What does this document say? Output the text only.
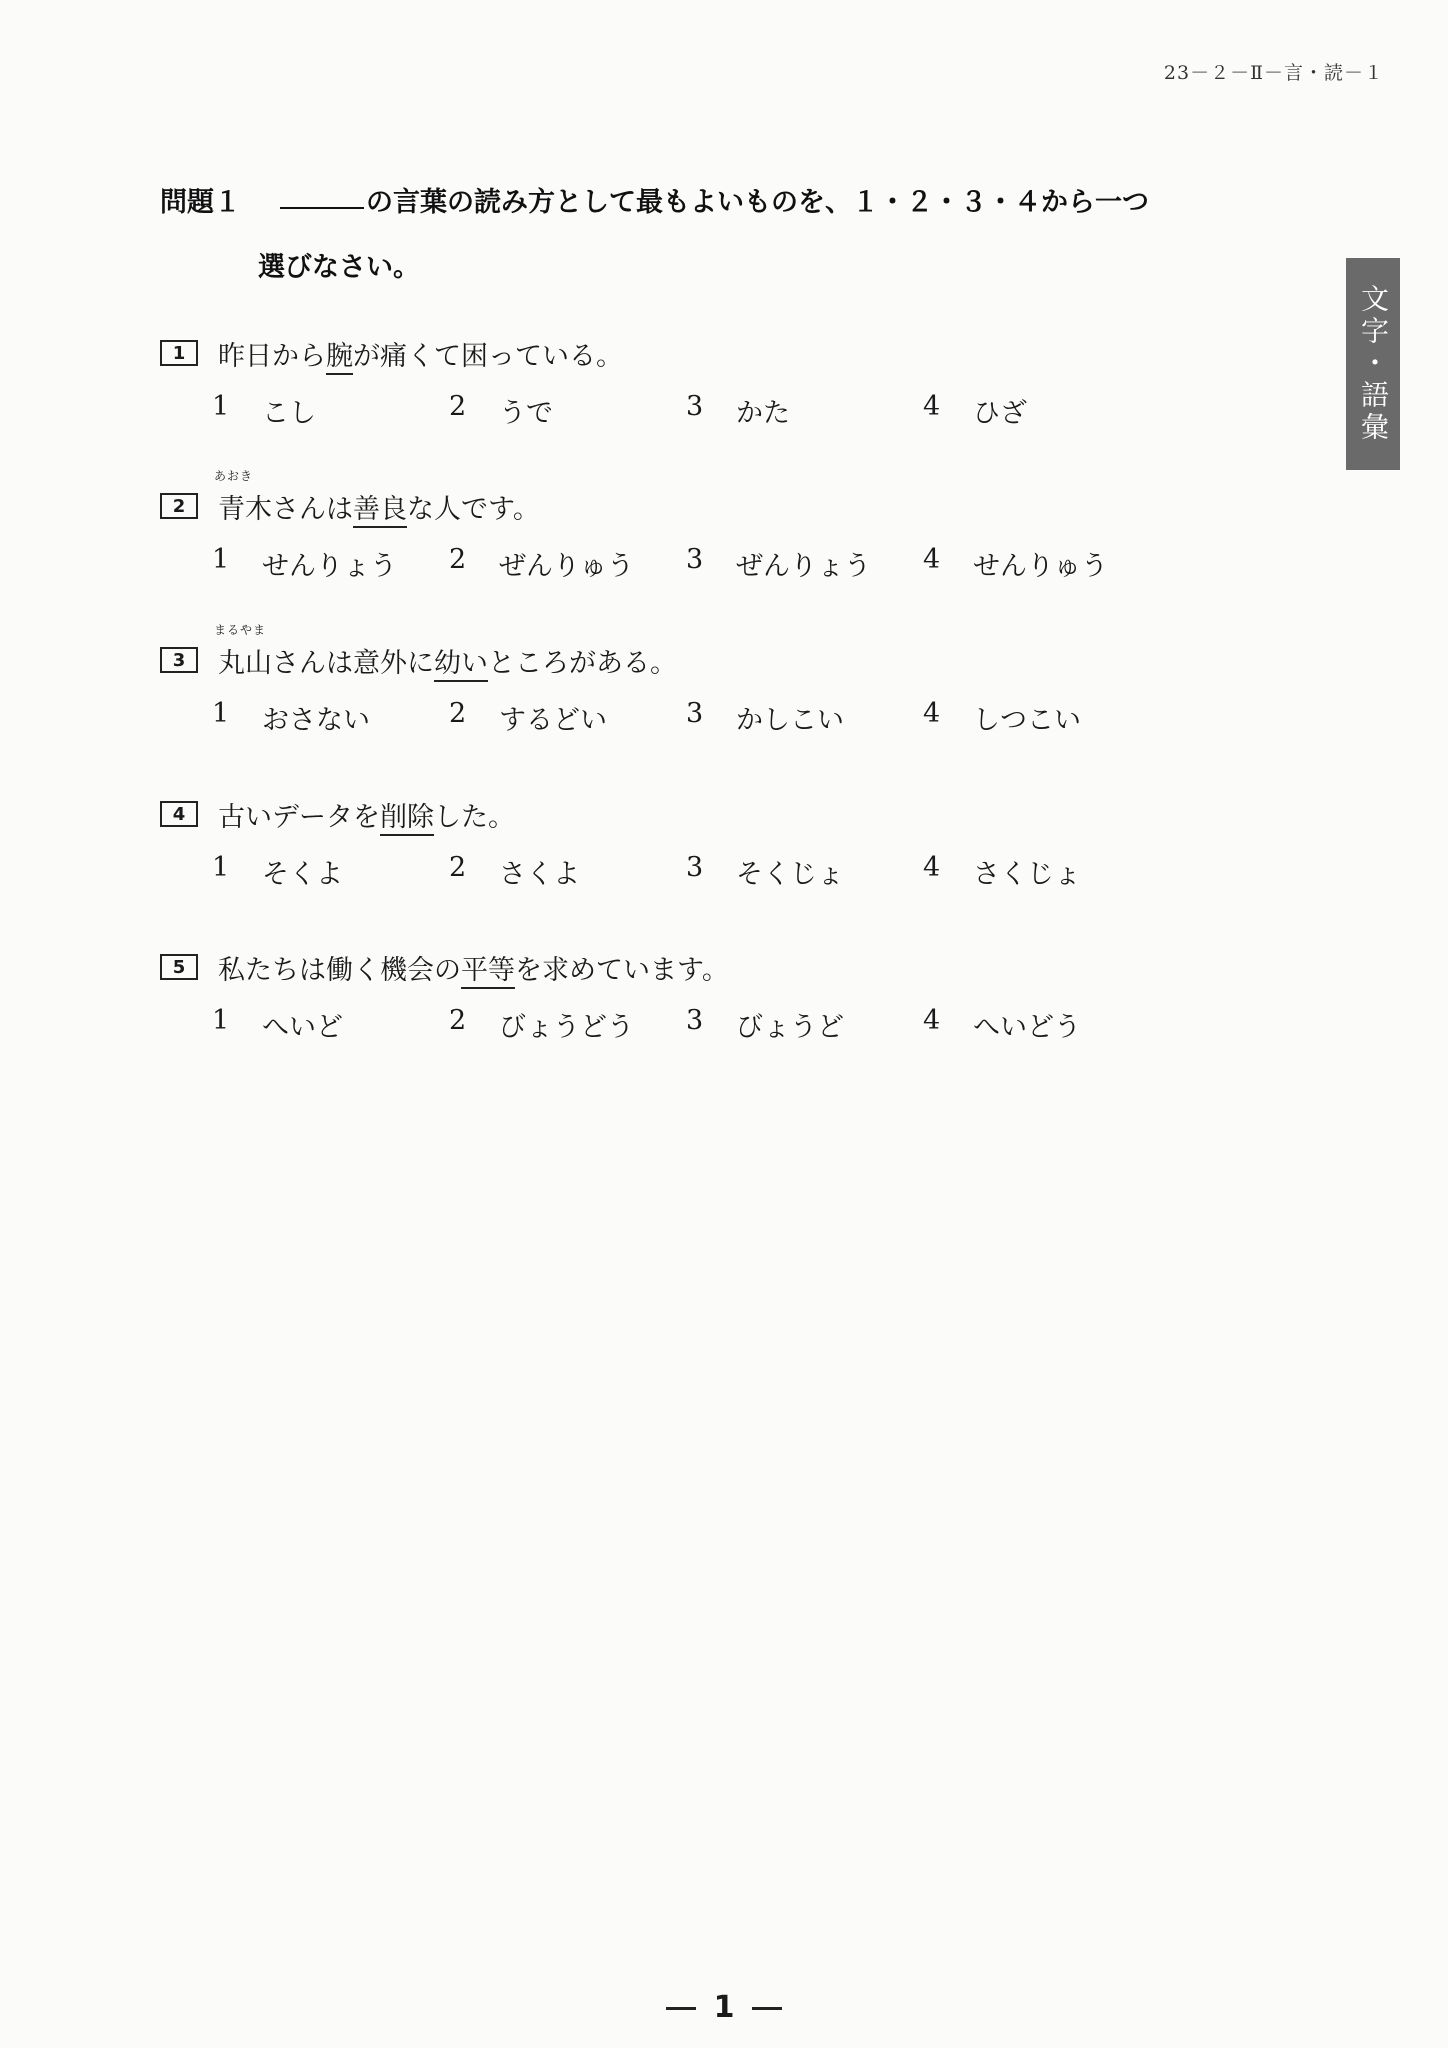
23－２－Ⅱ－言・読－１
文字・語彙
問題１	の言葉の読み方として最もよいものを、１・２・３・４から一つ
選びなさい。
1	昨日から腕が痛くて困っている。
1	こし	2	うで	3	かた	4	ひざ
2
あおき
青木さんは善良な人です。
1	せんりょう 2	ぜんりゅう 3	ぜんりょう 4	せんりゅう
3
まるやま
丸山さんは意外に幼いところがある。
1	おさない	2	するどい	3	かしこい	4	しつこい
4	古いデータを削除した。
1	そくよ	2	さくよ	3	そくじょ	4	さくじょ
5	私たちは働く機会の平等を求めています。
1	へいど	2	びょうどう 3	びょうど	4	へいどう
1
